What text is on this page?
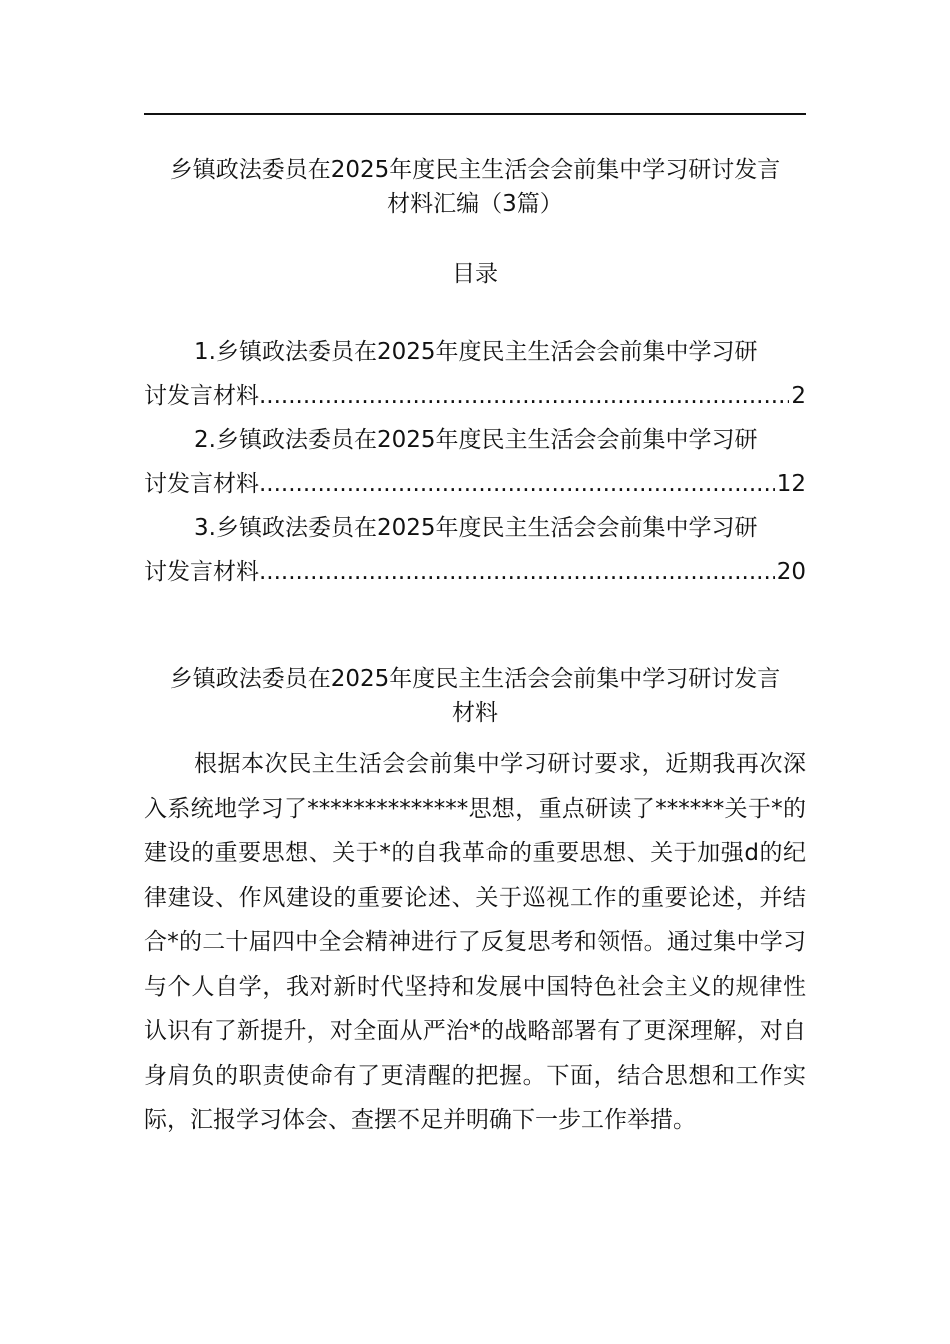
乡镇政法委员在2025年度民主生活会会前集中学习研讨发言
材料汇编（3篇）
目录
1.乡镇政法委员在2025年度民主生活会会前集中学习研
讨发言材料 .....	2
2.乡镇政法委员在2025年度民主生活会会前集中学习研
讨发言材料 .....	12
3.乡镇政法委员在2025年度民主生活会会前集中学习研
讨发言材料 .....	20
乡镇政法委员在2025年度民主生活会会前集中学习研讨发言
材料

根据本次民主生活会会前集中学习研讨要求，近期我再次深入系统地学习了**************思想，重点研读了******关于*的建设的重要思想、关于*的自我革命的重要思想、关于加强d的纪律建设、作风建设的重要论述、关于巡视工作的重要论述，并结合*的二十届四中全会精神进行了反复思考和领悟。通过集中学习与个人自学，我对新时代坚持和发展中国特色社会主义的规律性认识有了新提升，对全面从严治*的战略部署有了更深理解，对自身肩负的职责使命有了更清醒的把握。下面，结合思想和工作实际，汇报学习体会、查摆不足并明确下一步工作举措。
